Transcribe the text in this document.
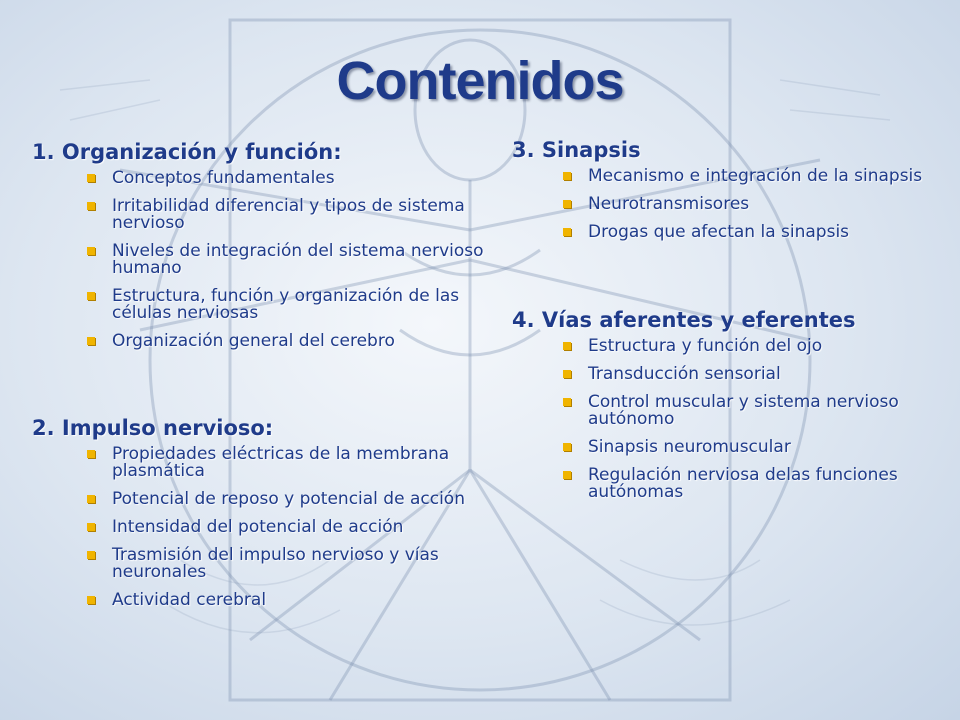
Contenidos
1. Organización y función:
Conceptos fundamentales
Irritabilidad diferencial y tipos de sistema nervioso
Niveles de integración del sistema nervioso humano
Estructura, función y organización de las células nerviosas
Organización general del cerebro
2. Impulso nervioso:
Propiedades eléctricas de la membrana plasmática
Potencial de reposo y potencial de acción
Intensidad del potencial de acción
Trasmisión del impulso nervioso y vías neuronales
Actividad cerebral
3. Sinapsis
Mecanismo e integración de la sinapsis
Neurotransmisores
Drogas que afectan la sinapsis
4. Vías aferentes y eferentes
Estructura y función del ojo
Transducción sensorial
Control muscular y sistema nervioso autónomo
Sinapsis neuromuscular
Regulación nerviosa delas funciones autónomas
